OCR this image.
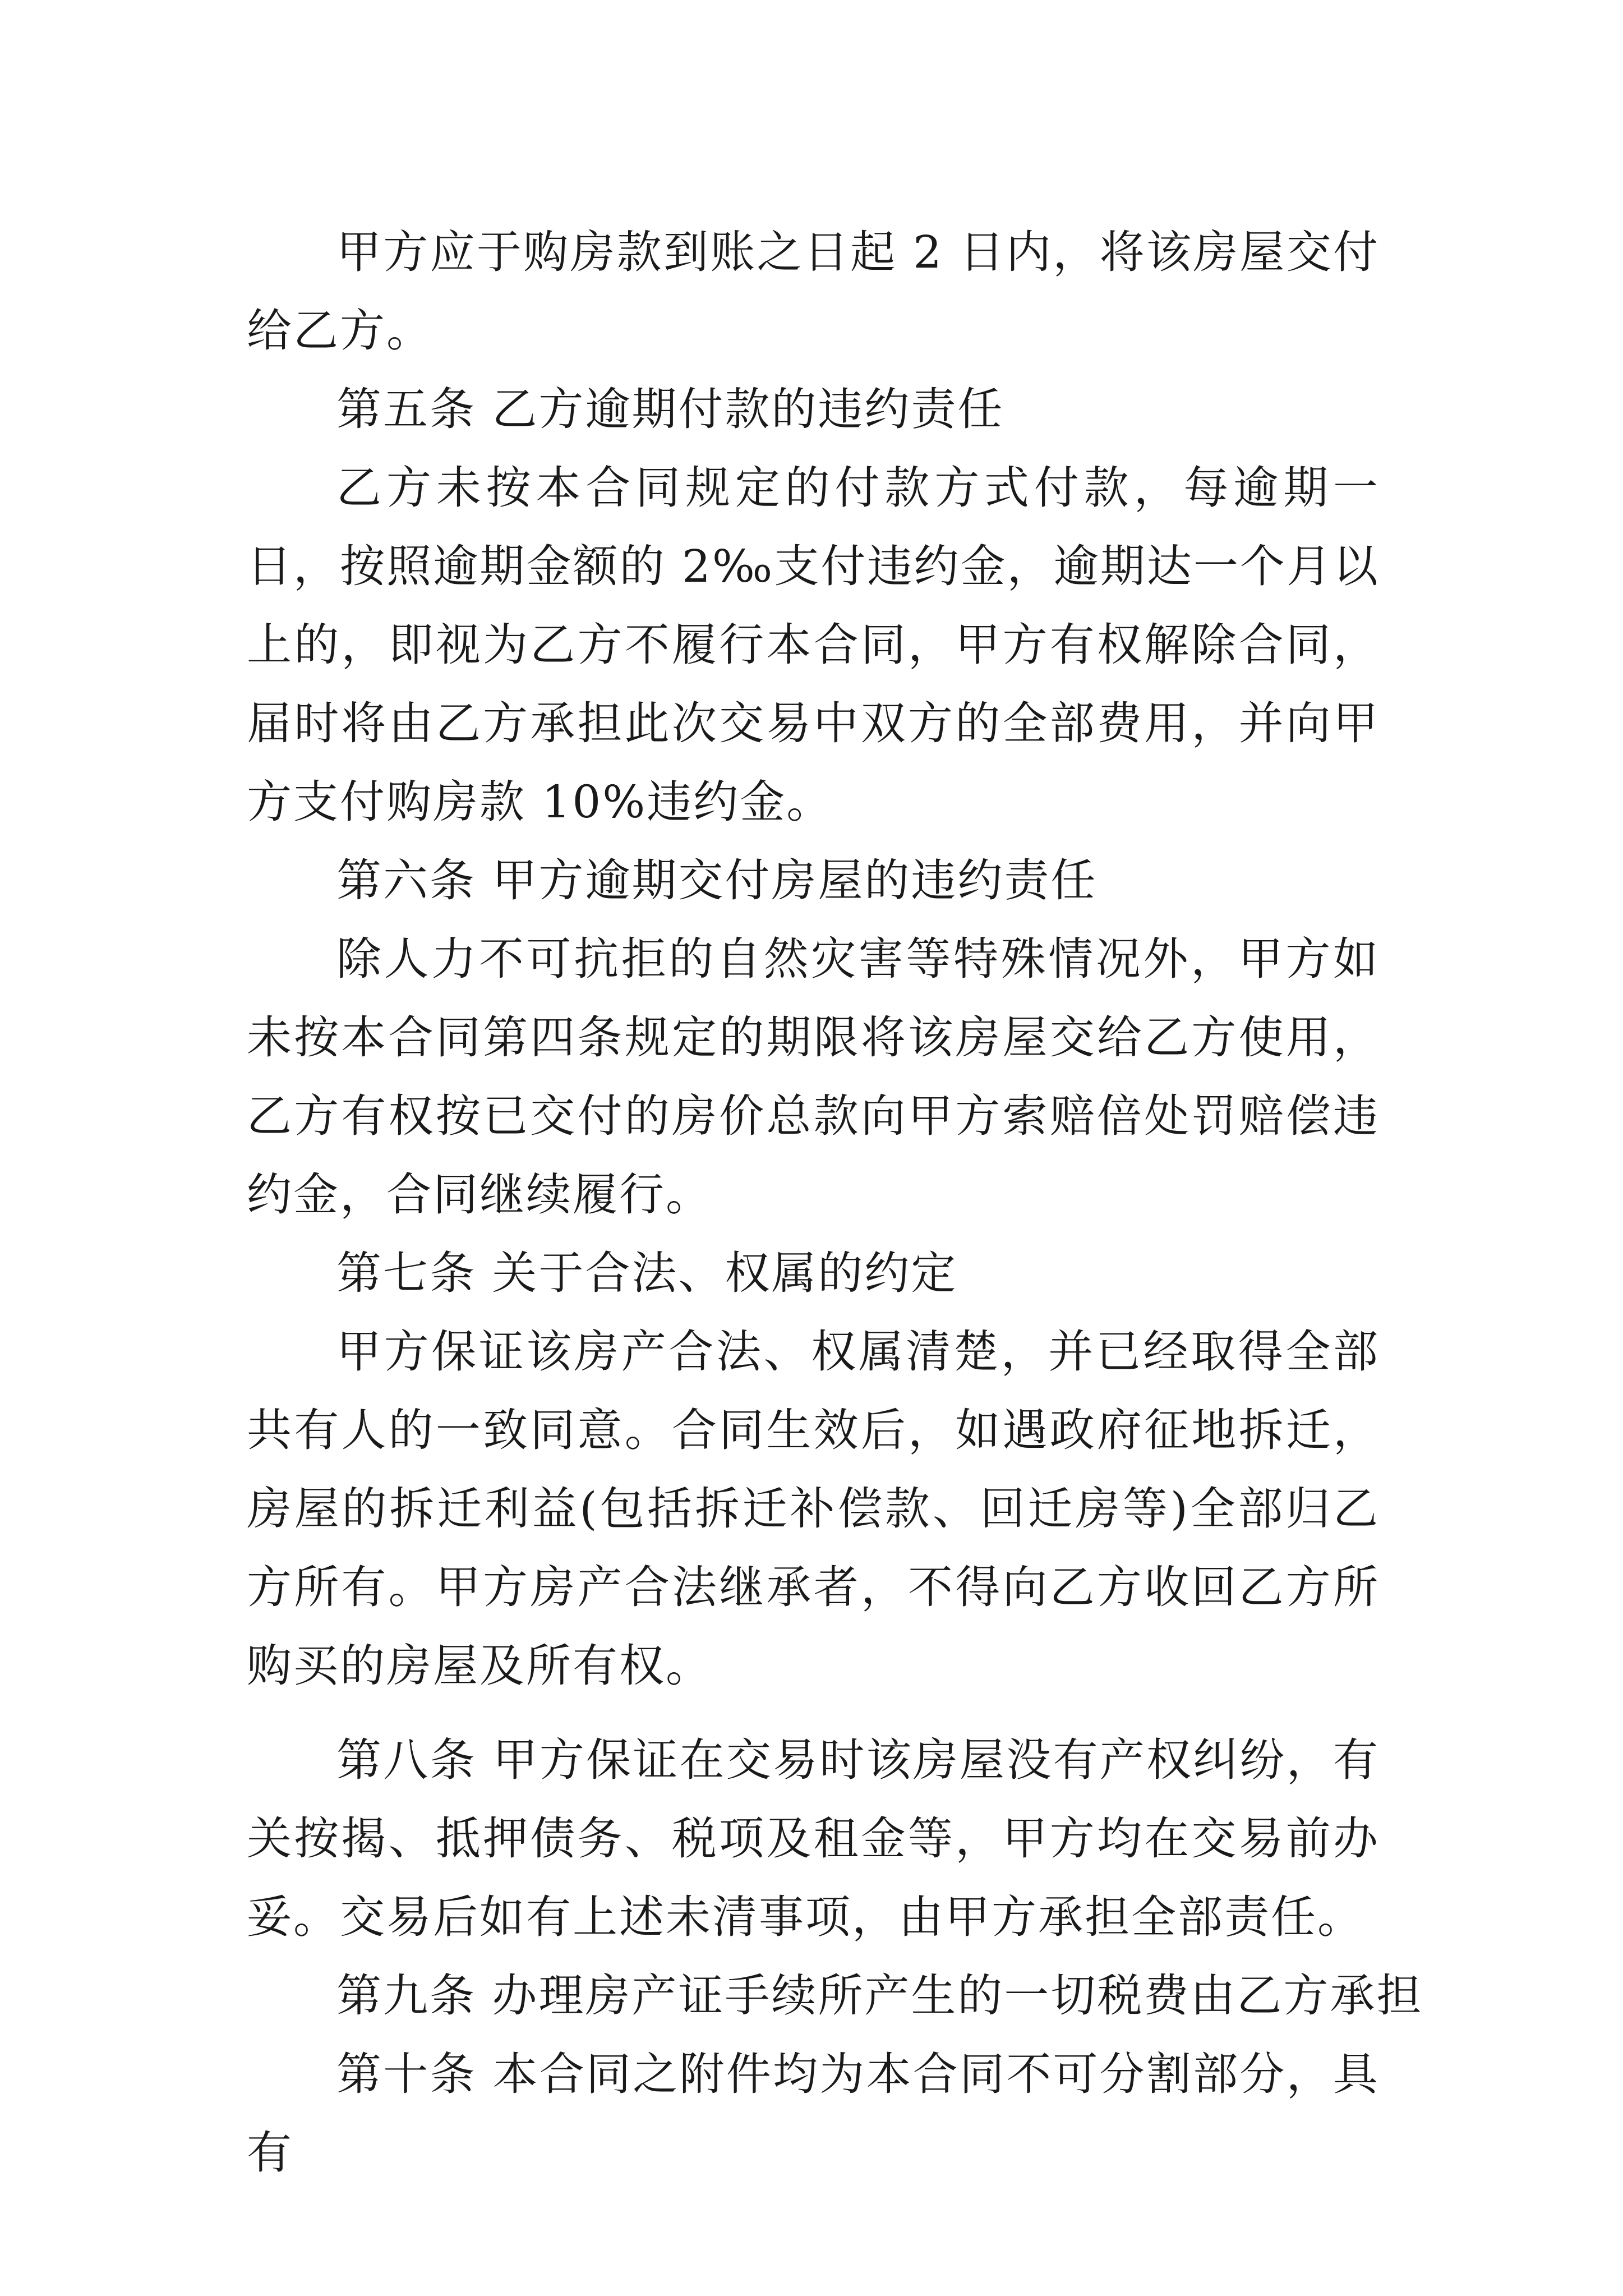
甲方应于购房款到账之日起 2 日内，将该房屋交付给乙方。

第五条 乙方逾期付款的违约责任

乙方未按本合同规定的付款方式付款，每逾期一日，按照逾期金额的 2‰支付违约金，逾期达一个月以上的，即视为乙方不履行本合同，甲方有权解除合同，届时将由乙方承担此次交易中双方的全部费用，并向甲方支付购房款 10%违约金。

第六条 甲方逾期交付房屋的违约责任

除人力不可抗拒的自然灾害等特殊情况外，甲方如未按本合同第四条规定的期限将该房屋交给乙方使用，乙方有权按已交付的房价总款向甲方索赔倍处罚赔偿违约金，合同继续履行。

第七条 关于合法、权属的约定

甲方保证该房产合法、权属清楚，并已经取得全部共有人的一致同意。合同生效后，如遇政府征地拆迁，房屋的拆迁利益(包括拆迁补偿款、回迁房等)全部归乙方所有。甲方房产合法继承者，不得向乙方收回乙方所购买的房屋及所有权。

第八条 甲方保证在交易时该房屋没有产权纠纷，有关按揭、抵押债务、税项及租金等，甲方均在交易前办妥。交易后如有上述未清事项，由甲方承担全部责任。

第九条 办理房产证手续所产生的一切税费由乙方承担

第十条 本合同之附件均为本合同不可分割部分，具有
